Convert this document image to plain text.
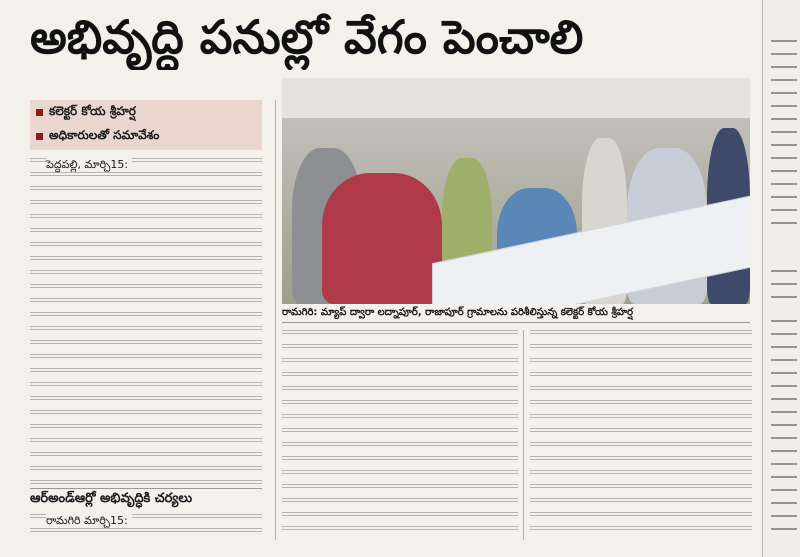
అభివృద్ధి పనుల్లో వేగం పెంచాలి
కలెక్టర్ కోయ శ్రీహర్ష
అధికారులతో సమావేశం
పెద్దపల్లి, మార్చి15:
రామగిరి: మ్యాప్ ద్వారా లద్నాపూర్, రాజాపూర్ గ్రామాలను పరిశీలిస్తున్న కలెక్టర్ కోయ శ్రీహర్ష
ఆర్అండ్ఆర్లో అభివృద్ధికి చర్యలు
రామగిరి మార్చి15:
